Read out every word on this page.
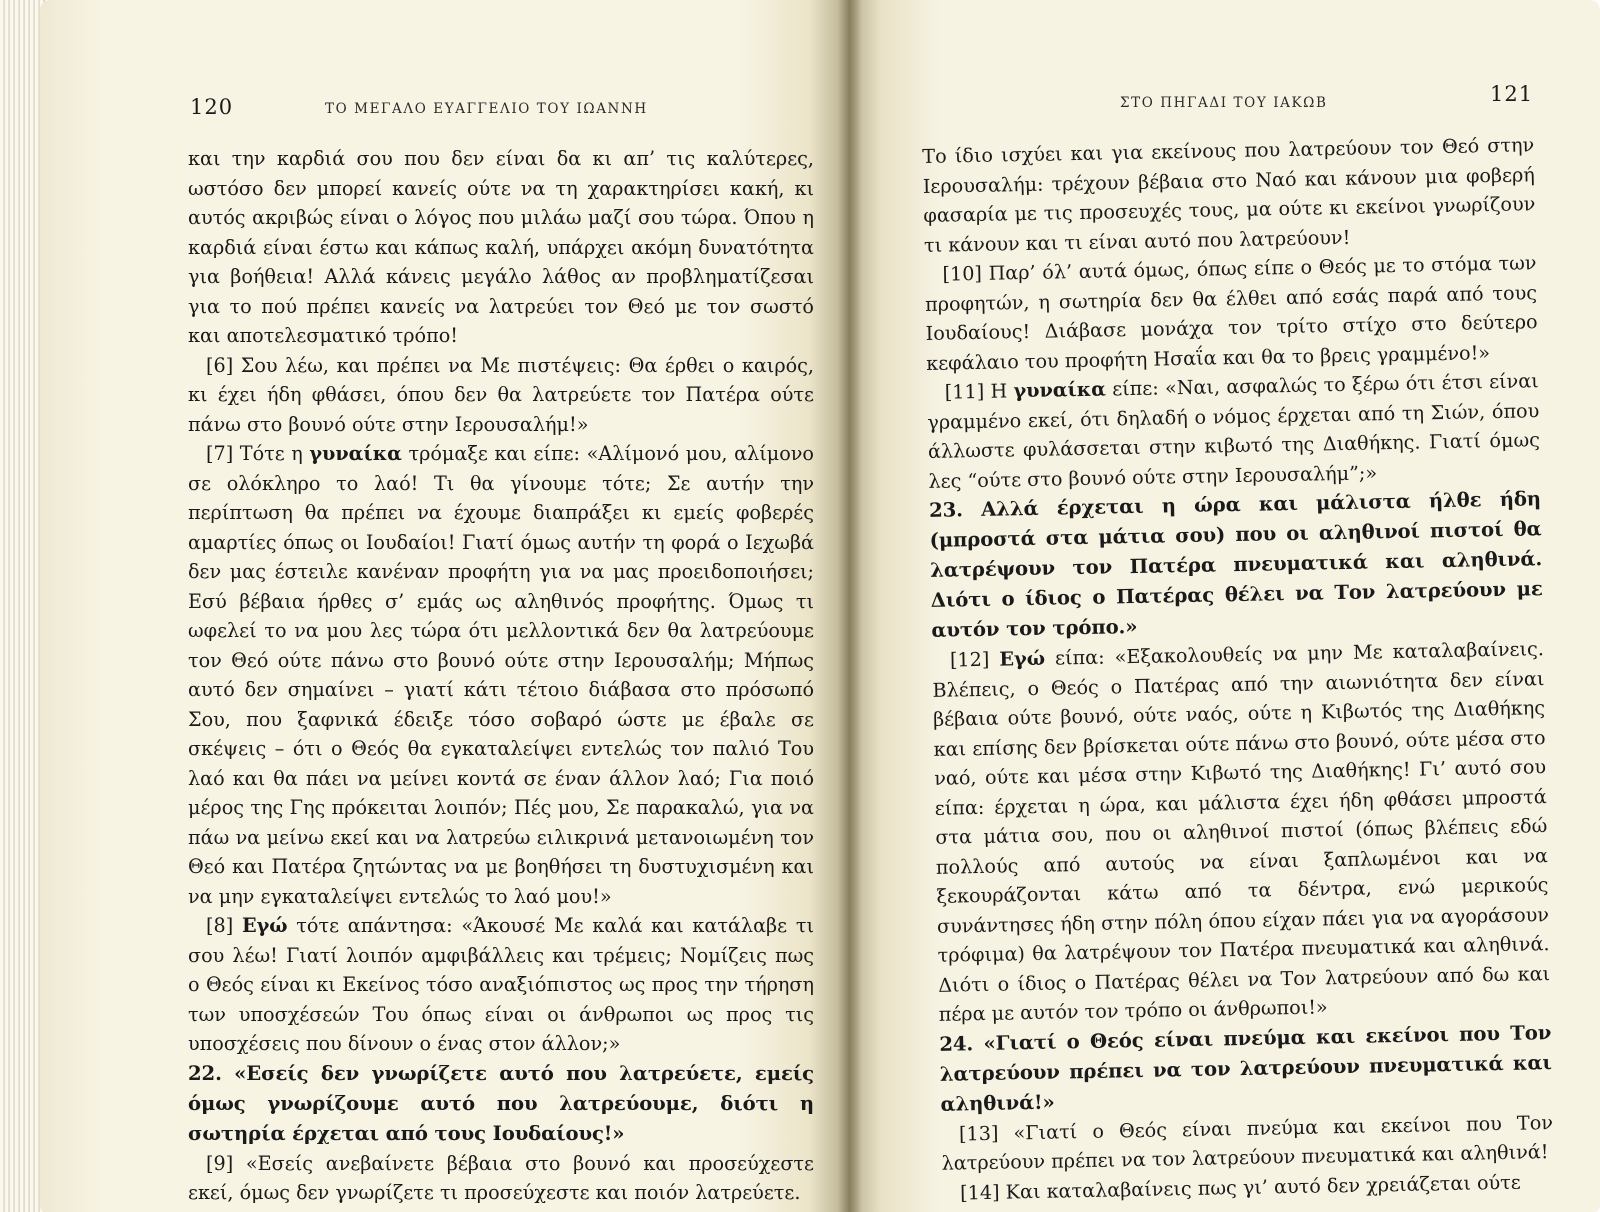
120	ΤΟ ΜΕΓΑΛΟ ΕΥΑΓΓΕΛΙΟ ΤΟΥ ΙΩΑΝΝΗ

και την καρδιά σου που δεν είναι δα κι απ’ τις καλύτερες, ωστόσο δεν μπορεί κανείς ούτε να τη χαρακτηρίσει κακή, κι αυτός ακριβώς είναι ο λόγος που μιλάω μαζί σου τώρα. Όπου η καρδιά είναι έστω και κάπως καλή, υπάρχει ακόμη δυνατότητα για βοήθεια! Αλλά κάνεις μεγάλο λάθος αν προβληματίζεσαι για το πού πρέπει κανείς να λατρεύει τον Θεό με τον σωστό και αποτελεσματικό τρόπο!

[6] Σου λέω, και πρέπει να Με πιστέψεις: Θα έρθει ο καιρός, κι έχει ήδη φθάσει, όπου δεν θα λατρεύετε τον Πατέρα ούτε πάνω στο βουνό ούτε στην Ιερουσαλήμ!»

[7] Τότε η γυναίκα τρόμαξε και είπε: «Αλίμονό μου, αλίμονο σε ολόκληρο το λαό! Τι θα γίνουμε τότε; Σε αυτήν την περίπτωση θα πρέπει να έχουμε διαπράξει κι εμείς φοβερές αμαρτίες όπως οι Ιουδαίοι! Γιατί όμως αυτήν τη φορά ο Ιεχωβά δεν μας έστειλε κανέναν προφήτη για να μας προειδοποιήσει; Εσύ βέβαια ήρθες σ’ εμάς ως αληθινός προφήτης. Όμως τι ωφελεί το να μου λες τώρα ότι μελλοντικά δεν θα λατρεύουμε τον Θεό ούτε πάνω στο βουνό ούτε στην Ιερουσαλήμ; Μήπως αυτό δεν σημαίνει – γιατί κάτι τέτοιο διάβασα στο πρόσωπό Σου, που ξαφνικά έδειξε τόσο σοβαρό ώστε με έβαλε σε σκέψεις – ότι ο Θεός θα εγκαταλείψει εντελώς τον παλιό Του λαό και θα πάει να μείνει κοντά σε έναν άλλον λαό; Για ποιό μέρος της Γης πρόκειται λοιπόν; Πές μου, Σε παρακαλώ, για να πάω να μείνω εκεί και να λατρεύω ειλικρινά μετανοιωμένη τον Θεό και Πατέρα ζητώντας να με βοηθήσει τη δυστυχισμένη και να μην εγκαταλείψει εντελώς το λαό μου!»

[8] Εγώ τότε απάντησα: «Άκουσέ Με καλά και κατάλαβε τι σου λέω! Γιατί λοιπόν αμφιβάλλεις και τρέμεις; Νομίζεις πως ο Θεός είναι κι Εκείνος τόσο αναξιόπιστος ως προς την τήρηση των υποσχέσεών Του όπως είναι οι άνθρωποι ως προς τις υποσχέσεις που δίνουν ο ένας στον άλλον;»

22. «Εσείς δεν γνωρίζετε αυτό που λατρεύετε, εμείς όμως γνωρίζουμε αυτό που λατρεύουμε, διότι η σωτηρία έρχεται από τους Ιουδαίους!»

[9] «Εσείς ανεβαίνετε βέβαια στο βουνό και προσεύχεστε εκεί, όμως δεν γνωρίζετε τι προσεύχεστε και ποιόν λατρεύετε.

ΣΤΟ ΠΗΓΑΔΙ ΤΟΥ ΙΑΚΩΒ	121

Το ίδιο ισχύει και για εκείνους που λατρεύουν τον Θεό στην Ιερουσαλήμ: τρέχουν βέβαια στο Ναό και κάνουν μια φοβερή φασαρία με τις προσευχές τους, μα ούτε κι εκείνοι γνωρίζουν τι κάνουν και τι είναι αυτό που λατρεύουν!

[10] Παρ’ όλ’ αυτά όμως, όπως είπε ο Θεός με το στόμα των προφητών, η σωτηρία δεν θα έλθει από εσάς παρά από τους Ιουδαίους! Διάβασε μονάχα τον τρίτο στίχο στο δεύτερο κεφάλαιο του προφήτη Ησαΐα και θα το βρεις γραμμένο!»

[11] Η γυναίκα είπε: «Ναι, ασφαλώς το ξέρω ότι έτσι είναι γραμμένο εκεί, ότι δηλαδή ο νόμος έρχεται από τη Σιών, όπου άλλωστε φυλάσσεται στην κιβωτό της Διαθήκης. Γιατί όμως λες “ούτε στο βουνό ούτε στην Ιερουσαλήμ”;»

23. Αλλά έρχεται η ώρα και μάλιστα ήλθε ήδη (μπροστά στα μάτια σου) που οι αληθινοί πιστοί θα λατρέψουν τον Πατέρα πνευματικά και αληθινά. Διότι ο ίδιος ο Πατέρας θέλει να Τον λατρεύουν με αυτόν τον τρόπο.»

[12] Εγώ είπα: «Εξακολουθείς να μην Με καταλαβαίνεις. Βλέπεις, ο Θεός ο Πατέρας από την αιωνιότητα δεν είναι βέβαια ούτε βουνό, ούτε ναός, ούτε η Κιβωτός της Διαθήκης και επίσης δεν βρίσκεται ούτε πάνω στο βουνό, ούτε μέσα στο ναό, ούτε και μέσα στην Κιβωτό της Διαθήκης! Γι’ αυτό σου είπα: έρχεται η ώρα, και μάλιστα έχει ήδη φθάσει μπροστά στα μάτια σου, που οι αληθινοί πιστοί (όπως βλέπεις εδώ πολλούς από αυτούς να είναι ξαπλωμένοι και να ξεκουράζονται κάτω από τα δέντρα, ενώ μερικούς συνάντησες ήδη στην πόλη όπου είχαν πάει για να αγοράσουν τρόφιμα) θα λατρέψουν τον Πατέρα πνευματικά και αληθινά. Διότι ο ίδιος ο Πατέρας θέλει να Τον λατρεύουν από δω και πέρα με αυτόν τον τρόπο οι άνθρωποι!»

24. «Γιατί ο Θεός είναι πνεύμα και εκείνοι που Τον λατρεύουν πρέπει να τον λατρεύουν πνευματικά και αληθινά!»

[13] «Γιατί ο Θεός είναι πνεύμα και εκείνοι που Τον λατρεύουν πρέπει να τον λατρεύουν πνευματικά και αληθινά!

[14] Και καταλαβαίνεις πως γι’ αυτό δεν χρειάζεται ούτε
